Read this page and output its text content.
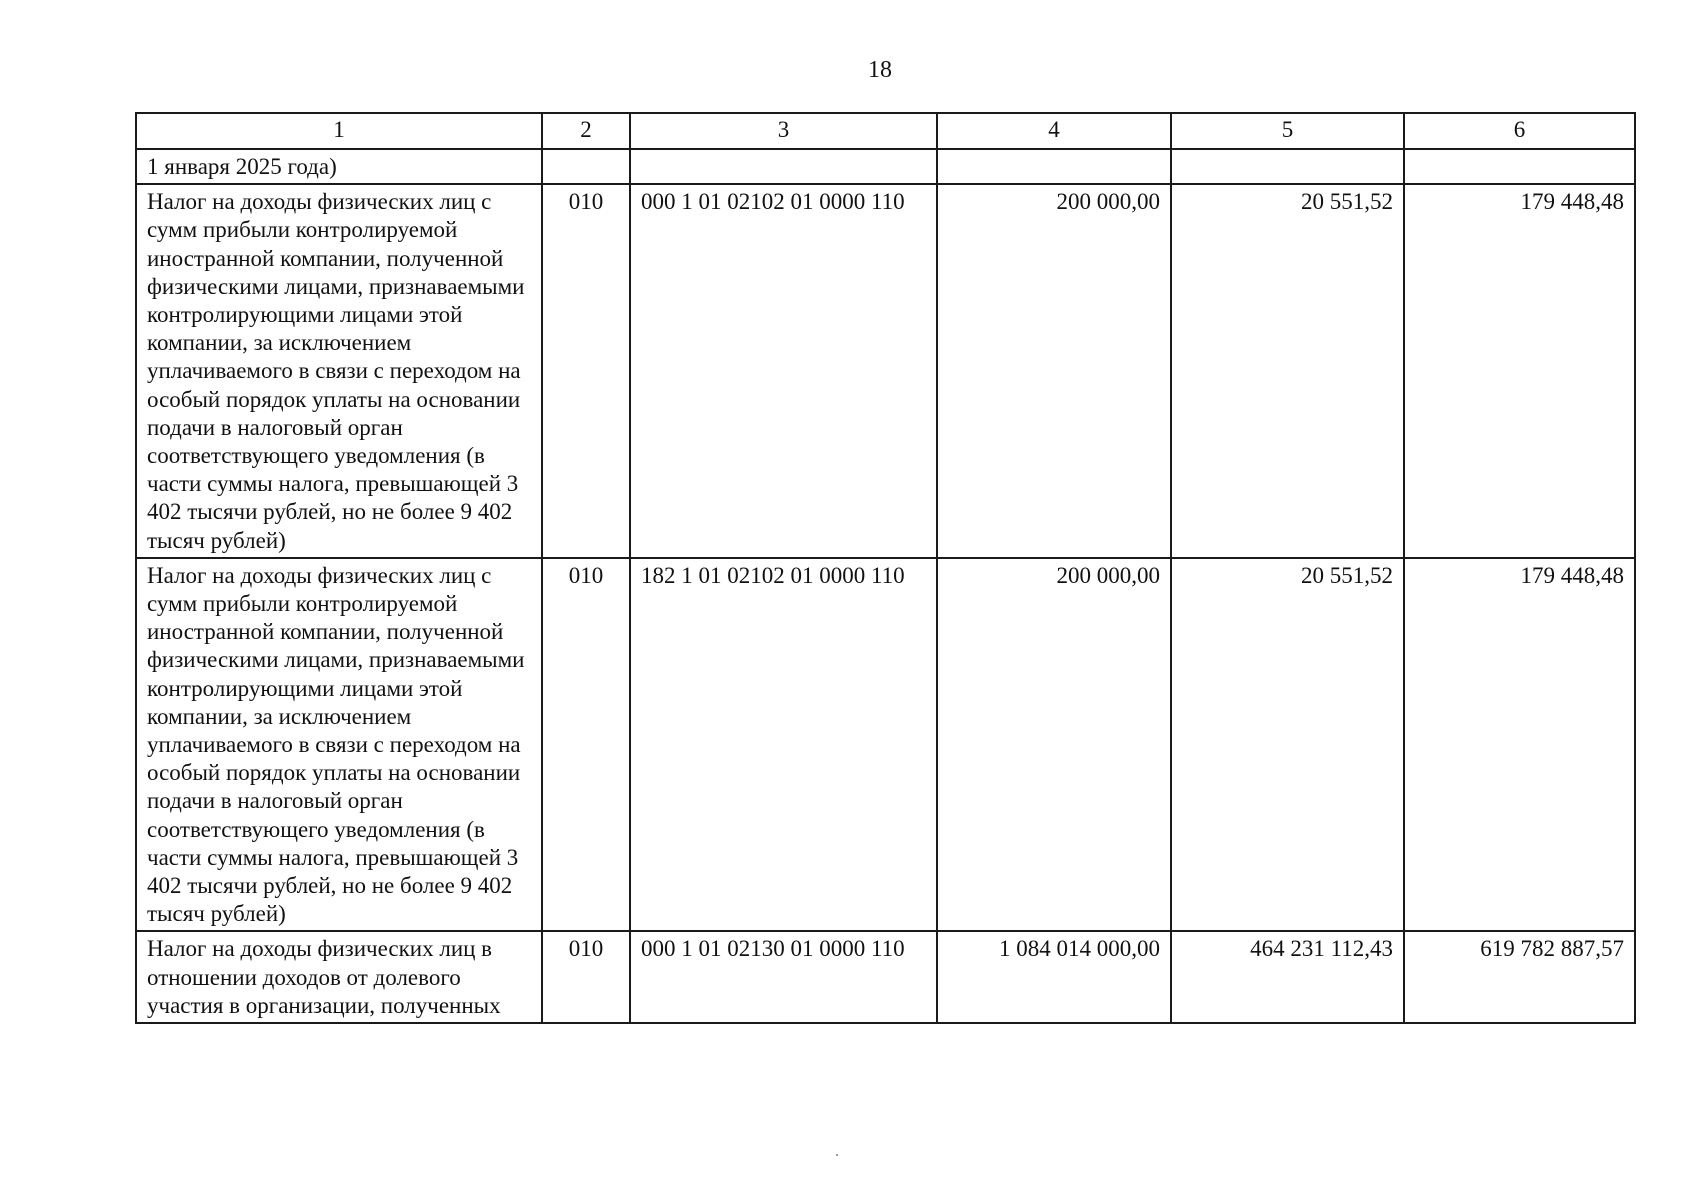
18
1	2	3	4	5	6
1 января 2025 года)					
Налог на доходы физических лиц с сумм прибыли контролируемой иностранной компании, полученной физическими лицами, признаваемыми контролирующими лицами этой компании, за исключением уплачиваемого в связи с переходом на особый порядок уплаты на основании подачи в налоговый орган соответствующего уведомления (в части суммы налога, превышающей 3 402 тысячи рублей, но не более 9 402 тысяч рублей)	010	000 1 01 02102 01 0000 110	200 000,00	20 551,52	179 448,48
Налог на доходы физических лиц с сумм прибыли контролируемой иностранной компании, полученной физическими лицами, признаваемыми контролирующими лицами этой компании, за исключением уплачиваемого в связи с переходом на особый порядок уплаты на основании подачи в налоговый орган соответствующего уведомления (в части суммы налога, превышающей 3 402 тысячи рублей, но не более 9 402 тысяч рублей)	010	182 1 01 02102 01 0000 110	200 000,00	20 551,52	179 448,48
Налог на доходы физических лиц в отношении доходов от долевого участия в организации, полученных	010	000 1 01 02130 01 0000 110	1 084 014 000,00	464 231 112,43	619 782 887,57
